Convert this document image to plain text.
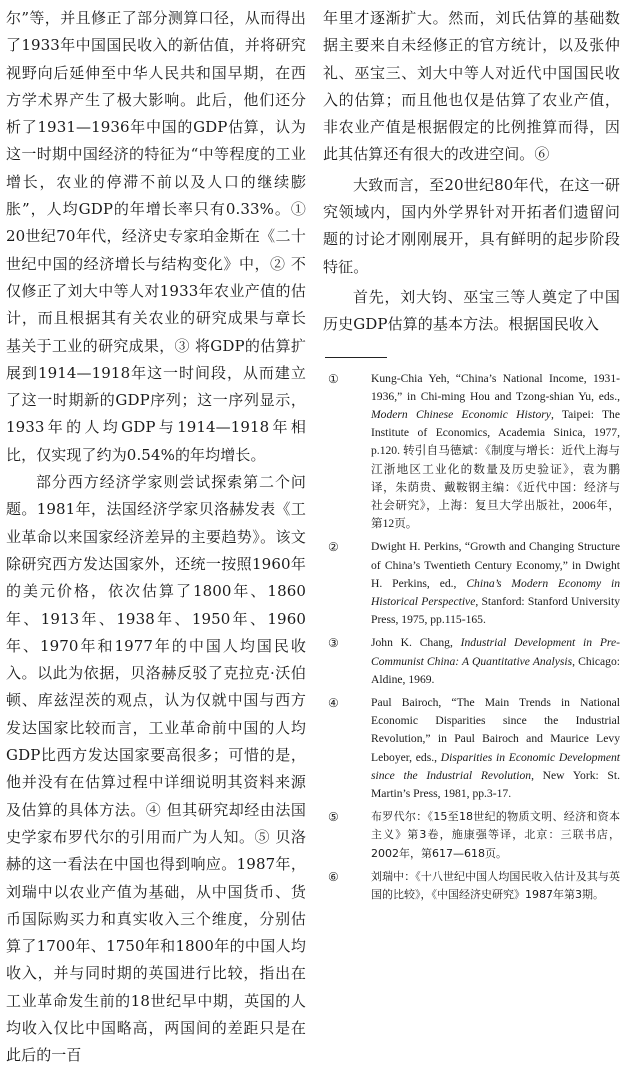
尔”等，并且修正了部分测算口径，从而得出了1933年中国国民收入的新估值，并将研究视野向后延伸至中华人民共和国早期，在西方学术界产生了极大影响。此后，他们还分析了1931—1936年中国的GDP估算，认为这一时期中国经济的特征为“中等程度的工业增长，农业的停滞不前以及人口的继续膨胀”，人均GDP的年增长率只有0.33%。① 20世纪70年代，经济史专家珀金斯在《二十世纪中国的经济增长与结构变化》中，② 不仅修正了刘大中等人对1933年农业产值的估计，而且根据其有关农业的研究成果与章长基关于工业的研究成果，③ 将GDP的估算扩展到1914—1918年这一时间段，从而建立了这一时期新的GDP序列；这一序列显示，1933年的人均GDP与1914—1918年相比，仅实现了约为0.54%的年均增长。

部分西方经济学家则尝试探索第二个问题。1981年，法国经济学家贝洛赫发表《工业革命以来国家经济差异的主要趋势》。该文除研究西方发达国家外，还统一按照1960年的美元价格，依次估算了1800年、1860年、1913年、1938年、1950年、1960年、1970年和1977年的中国人均国民收入。以此为依据，贝洛赫反驳了克拉克·沃伯顿、库兹涅茨的观点，认为仅就中国与西方发达国家比较而言，工业革命前中国的人均GDP比西方发达国家要高很多；可惜的是，他并没有在估算过程中详细说明其资料来源及估算的具体方法。④ 但其研究却经由法国史学家布罗代尔的引用而广为人知。⑤ 贝洛赫的这一看法在中国也得到响应。1987年，刘瑞中以农业产值为基础，从中国货币、货币国际购买力和真实收入三个维度，分别估算了1700年、1750年和1800年的中国人均收入，并与同时期的英国进行比较，指出在工业革命发生前的18世纪早中期，英国的人均收入仅比中国略高，两国间的差距只是在此后的一百

年里才逐渐扩大。然而，刘氏估算的基础数据主要来自未经修正的官方统计，以及张仲礼、巫宝三、刘大中等人对近代中国国民收入的估算；而且他也仅是估算了农业产值，非农业产值是根据假定的比例推算而得，因此其估算还有很大的改进空间。⑥

大致而言，至20世纪80年代，在这一研究领域内，国内外学界针对开拓者们遗留问题的讨论才刚刚展开，具有鲜明的起步阶段特征。

首先，刘大钧、巫宝三等人奠定了中国历史GDP估算的基本方法。根据国民收入

①	Kung-Chia Yeh, “China’s National Income, 1931-1936,” in Chi-ming Hou and Tzong-shian Yu, eds., Modern Chinese Economic History, Taipei: The Institute of Economics, Academia Sinica, 1977, p.120. 转引自马德斌：《制度与增长：近代上海与江浙地区工业化的数量及历史验证》，袁为鹏译，朱荫贵、戴鞍钢主编：《近代中国：经济与社会研究》，上海：复旦大学出版社，2006年，第12页。
②	Dwight H. Perkins, “Growth and Changing Structure of China’s Twentieth Century Economy,” in Dwight H. Perkins, ed., China’s Modern Economy in Historical Perspective, Stanford: Stanford University Press, 1975, pp.115-165.
③	John K. Chang, Industrial Development in Pre-Communist China: A Quantitative Analysis, Chicago: Aldine, 1969.
④	Paul Bairoch, “The Main Trends in National Economic Disparities since the Industrial Revolution,” in Paul Bairoch and Maurice Levy Leboyer, eds., Disparities in Economic Development since the Industrial Revolution, New York: St. Martin’s Press, 1981, pp.3-17.
⑤	布罗代尔：《15至18世纪的物质文明、经济和资本主义》第3卷，施康强等译，北京：三联书店，2002年，第617—618页。
⑥	刘瑞中：《十八世纪中国人均国民收入估计及其与英国的比较》，《中国经济史研究》1987年第3期。
